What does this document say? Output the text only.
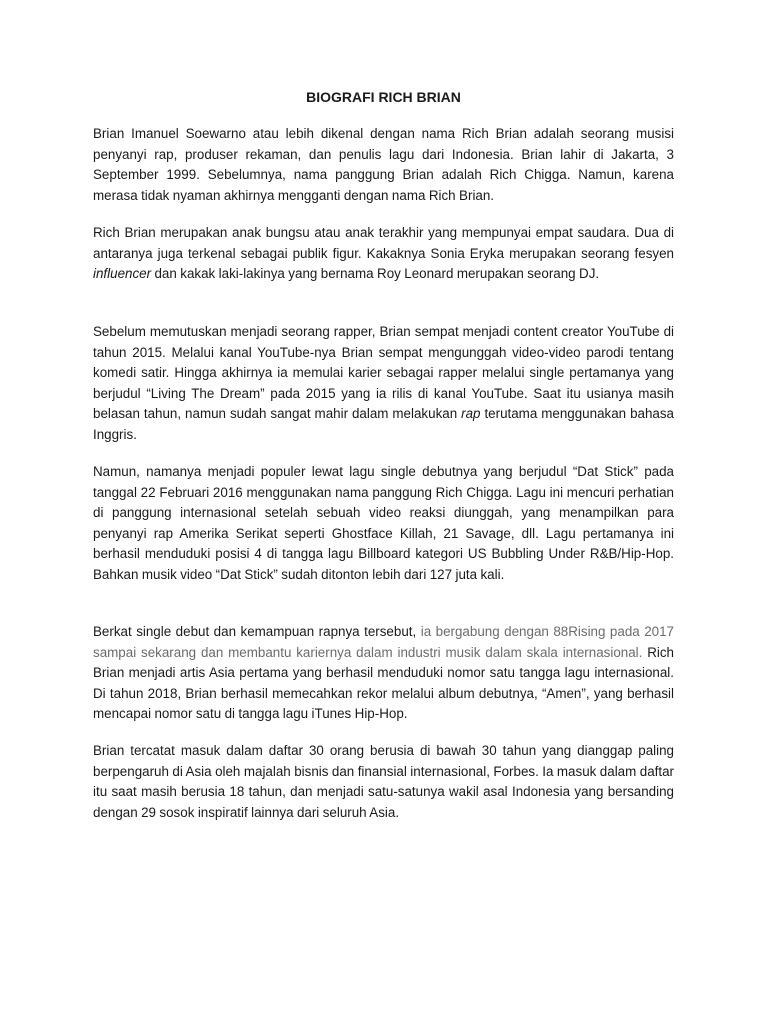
BIOGRAFI RICH BRIAN

Brian Imanuel Soewarno atau lebih dikenal dengan nama Rich Brian adalah seorang musisi penyanyi rap, produser rekaman, dan penulis lagu dari Indonesia. Brian lahir di Jakarta, 3 September 1999. Sebelumnya, nama panggung Brian adalah Rich Chigga. Namun, karena merasa tidak nyaman akhirnya mengganti dengan nama Rich Brian.

Rich Brian merupakan anak bungsu atau anak terakhir yang mempunyai empat saudara. Dua di antaranya juga terkenal sebagai publik figur. Kakaknya Sonia Eryka merupakan seorang fesyen influencer dan kakak laki-lakinya yang bernama Roy Leonard merupakan seorang DJ.

Sebelum memutuskan menjadi seorang rapper, Brian sempat menjadi content creator YouTube di tahun 2015. Melalui kanal YouTube-nya Brian sempat mengunggah video-video parodi tentang komedi satir. Hingga akhirnya ia memulai karier sebagai rapper melalui single pertamanya yang berjudul “Living The Dream” pada 2015 yang ia rilis di kanal YouTube. Saat itu usianya masih belasan tahun, namun sudah sangat mahir dalam melakukan rap terutama menggunakan bahasa Inggris.

Namun, namanya menjadi populer lewat lagu single debutnya yang berjudul “Dat Stick” pada tanggal 22 Februari 2016 menggunakan nama panggung Rich Chigga. Lagu ini mencuri perhatian di panggung internasional setelah sebuah video reaksi diunggah, yang menampilkan para penyanyi rap Amerika Serikat seperti Ghostface Killah, 21 Savage, dll. Lagu pertamanya ini berhasil menduduki posisi 4 di tangga lagu Billboard kategori US Bubbling Under R&B/Hip-Hop. Bahkan musik video “Dat Stick” sudah ditonton lebih dari 127 juta kali.

Berkat single debut dan kemampuan rapnya tersebut, ia bergabung dengan 88Rising pada 2017 sampai sekarang dan membantu kariernya dalam industri musik dalam skala internasional. Rich Brian menjadi artis Asia pertama yang berhasil menduduki nomor satu tangga lagu internasional. Di tahun 2018, Brian berhasil memecahkan rekor melalui album debutnya, “Amen”, yang berhasil mencapai nomor satu di tangga lagu iTunes Hip-Hop.

Brian tercatat masuk dalam daftar 30 orang berusia di bawah 30 tahun yang dianggap paling berpengaruh di Asia oleh majalah bisnis dan finansial internasional, Forbes. Ia masuk dalam daftar itu saat masih berusia 18 tahun, dan menjadi satu-satunya wakil asal Indonesia yang bersanding dengan 29 sosok inspiratif lainnya dari seluruh Asia.
